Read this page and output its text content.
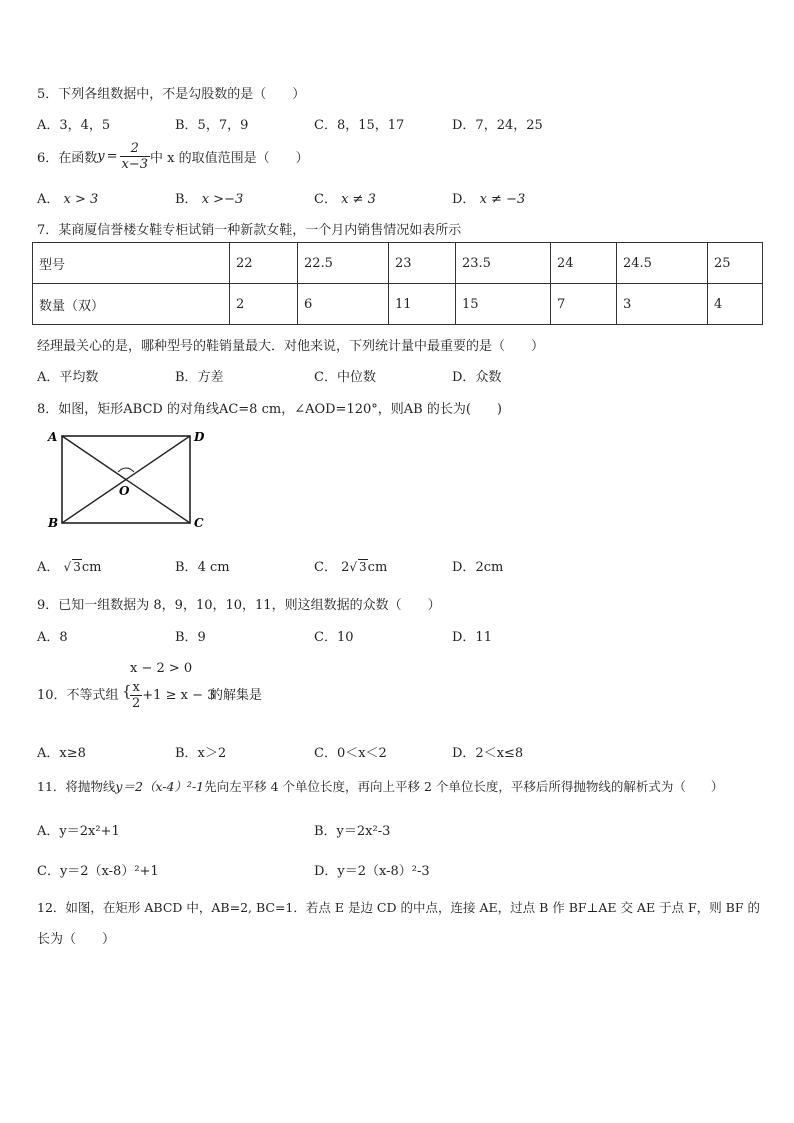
5．下列各组数据中，不是勾股数的是（　　）
A．3，4，5	B．5，7，9	C．8，15，17	D．7，24，25
6．在函数 $y = \frac{2}{x-3}$ 中 x 的取值范围是（　　）
A． x > 3	B． x >−3	C． x ≠ 3	D． x ≠ −3
7．某商厦信誉楼女鞋专柜试销一种新款女鞋，一个月内销售情况如表所示
型号	22	22.5	23	23.5	24	24.5	25
数量（双）	2	6	11	15	7	3	4
经理最关心的是，哪种型号的鞋销量最大．对他来说，下列统计量中最重要的是（　　）
A．平均数	B．方差	C．中位数	D．众数
8．如图，矩形ABCD 的对角线AC=8 cm，∠AOD=120°，则AB 的长为(　　)
A	D
B	C
O
A． √ 3cm	B．4 cm	C． 2√ 3cm	D．2cm
9．已知一组数据为 8，9，10，10，11，则这组数据的众数（　　）
A．8	B．9	C．10	D．11
x − 2 > 0
10．不等式组 {
$\frac{x}{2} +1 \ge x - 3$
的解集是
A．x≥8	B．x＞2	C．0＜x＜2	D．2＜x≤8
11．将抛物线y＝2（x-4）²-1先向左平移 4 个单位长度，再向上平移 2 个单位长度，平移后所得抛物线的解析式为（　　）
A．y＝2x²+1	B．y＝2x²-3
C．y＝2（x-8）²+1	D．y＝2（x-8）²-3
12．如图，在矩形 ABCD 中，AB=2, BC=1．若点 E 是边 CD 的中点，连接 AE，过点 B 作 BF⊥AE 交 AE 于点 F，则 BF 的
长为（　　）
